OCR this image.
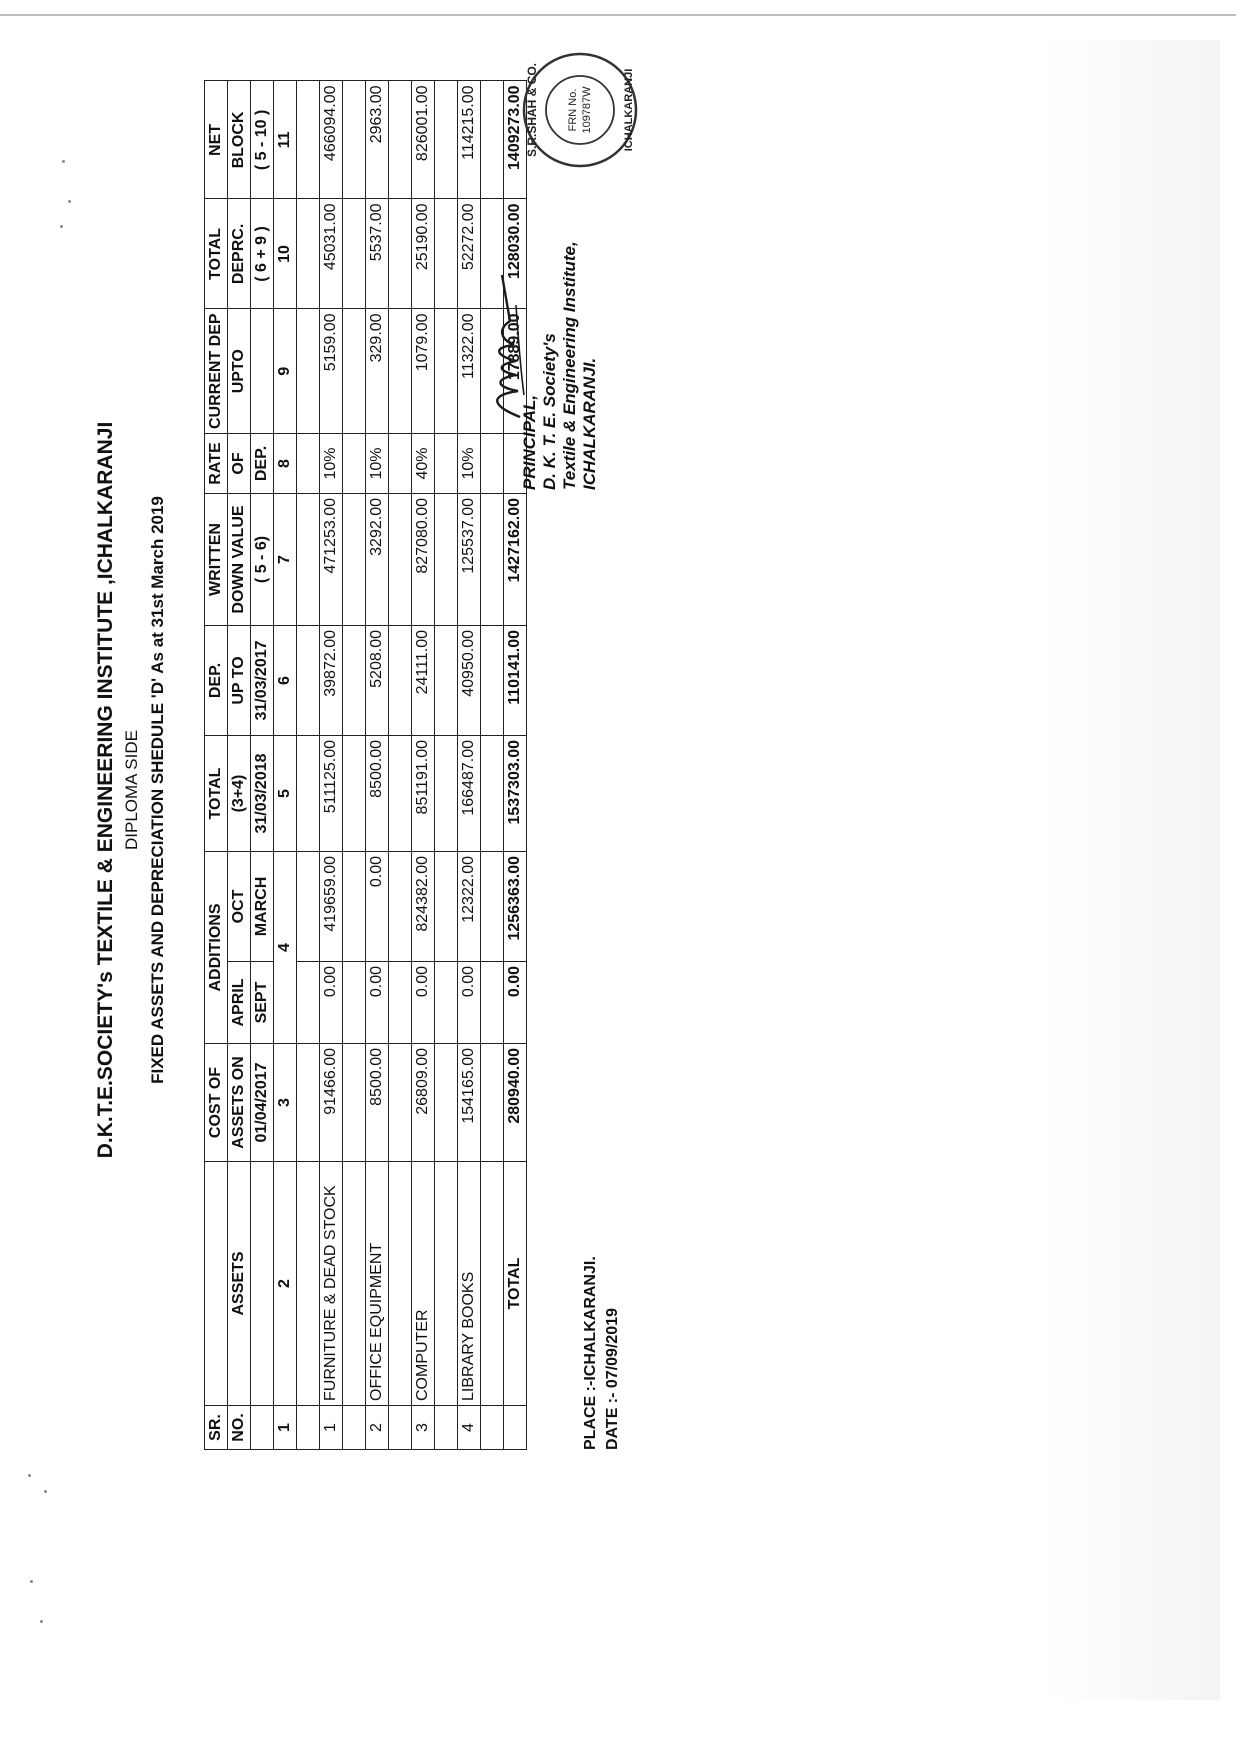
D.K.T.E.SOCIETY's TEXTILE & ENGINEERING INSTITUTE ,ICHALKARANJI DIPLOMA SIDE FIXED ASSETS AND DEPRECIATION SHEDULE 'D' As at 31st March 2019
SR.		COST OF	ADDITIONS		TOTAL	DEP.	WRITTEN	RATE	CURRENT DEP	TOTAL	NET
NO.	ASSETS	ASSETS ON	APRIL	OCT	(3+4)	UP TO	DOWN VALUE	OF	UPTO	DEPRC.	BLOCK
		01/04/2017	SEPT	MARCH	31/03/2018	31/03/2017	( 5 - 6)	DEP.		( 6 + 9 )	( 5 - 10 )
1	2	3	4		5	6	7	8	9	10	11

1	FURNITURE & DEAD STOCK	91466.00	0.00	419659.00	511125.00	39872.00	471253.00	10%	5159.00	45031.00	466094.00

2	OFFICE EQUIPMENT	8500.00	0.00	0.00	8500.00	5208.00	3292.00	10%	329.00	5537.00	2963.00

3	COMPUTER	26809.00	0.00	824382.00	851191.00	24111.00	827080.00	40%	1079.00	25190.00	826001.00

4	LIBRARY BOOKS	154165.00	0.00	12322.00	166487.00	40950.00	125537.00	10%	11322.00	52272.00	114215.00

	TOTAL	280940.00	0.00	1256363.00	1537303.00	110141.00	1427162.00		17889.00	128030.00	1409273.00
PLACE :-ICHALKARANJI. DATE :- 07/09/2019
PRINCIPAL, D. K. T. E. Society's Textile & Engineering Institute, ICHALKARANJI.
S.R.SHAH & CO.	FRN No. 109787W	ICHALKARANJI
